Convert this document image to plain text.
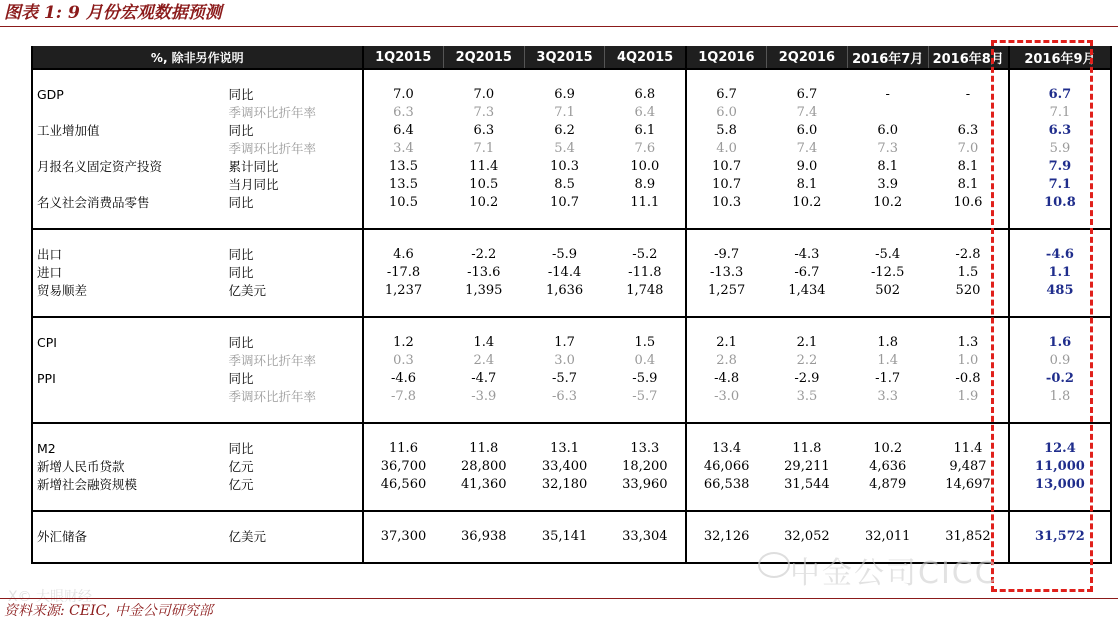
图表 1: 9 月份宏观数据预测
%, 除非另作说明		1Q2015	2Q2015	3Q2015	4Q2015	1Q2016	2Q2016	2016年7月	2016年8月	2016年9月

GDP	同比	7.0	7.0	6.9	6.8	6.7	6.7	-	-	6.7
	季调环比折年率	6.3	7.3	7.1	6.4	6.0	7.4			7.1
工业增加值	同比	6.4	6.3	6.2	6.1	5.8	6.0	6.0	6.3	6.3
	季调环比折年率	3.4	7.1	5.4	7.6	4.0	7.4	7.3	7.0	5.9
月报名义固定资产投资	累计同比	13.5	11.4	10.3	10.0	10.7	9.0	8.1	8.1	7.9
	当月同比	13.5	10.5	8.5	8.9	10.7	8.1	3.9	8.1	7.1
名义社会消费品零售	同比	10.5	10.2	10.7	11.1	10.3	10.2	10.2	10.6	10.8

出口	同比	4.6	-2.2	-5.9	-5.2	-9.7	-4.3	-5.4	-2.8	-4.6
进口	同比	-17.8	-13.6	-14.4	-11.8	-13.3	-6.7	-12.5	1.5	1.1
贸易顺差	亿美元	1,237	1,395	1,636	1,748	1,257	1,434	502	520	485

CPI	同比	1.2	1.4	1.7	1.5	2.1	2.1	1.8	1.3	1.6
	季调环比折年率	0.3	2.4	3.0	0.4	2.8	2.2	1.4	1.0	0.9
PPI	同比	-4.6	-4.7	-5.7	-5.9	-4.8	-2.9	-1.7	-0.8	-0.2
	季调环比折年率	-7.8	-3.9	-6.3	-5.7	-3.0	3.5	3.3	1.9	1.8

M2	同比	11.6	11.8	13.1	13.3	13.4	11.8	10.2	11.4	12.4
新增人民币贷款	亿元	36,700	28,800	33,400	18,200	46,066	29,211	4,636	9,487	11,000
新增社会融资规模	亿元	46,560	41,360	32,180	33,960	66,538	31,544	4,879	14,697	13,000

外汇储备	亿美元	37,300	36,938	35,141	33,304	32,126	32,052	32,011	31,852	31,572

中金公司CICC
X© 大眼财经
资料来源: CEIC, 中金公司研究部
